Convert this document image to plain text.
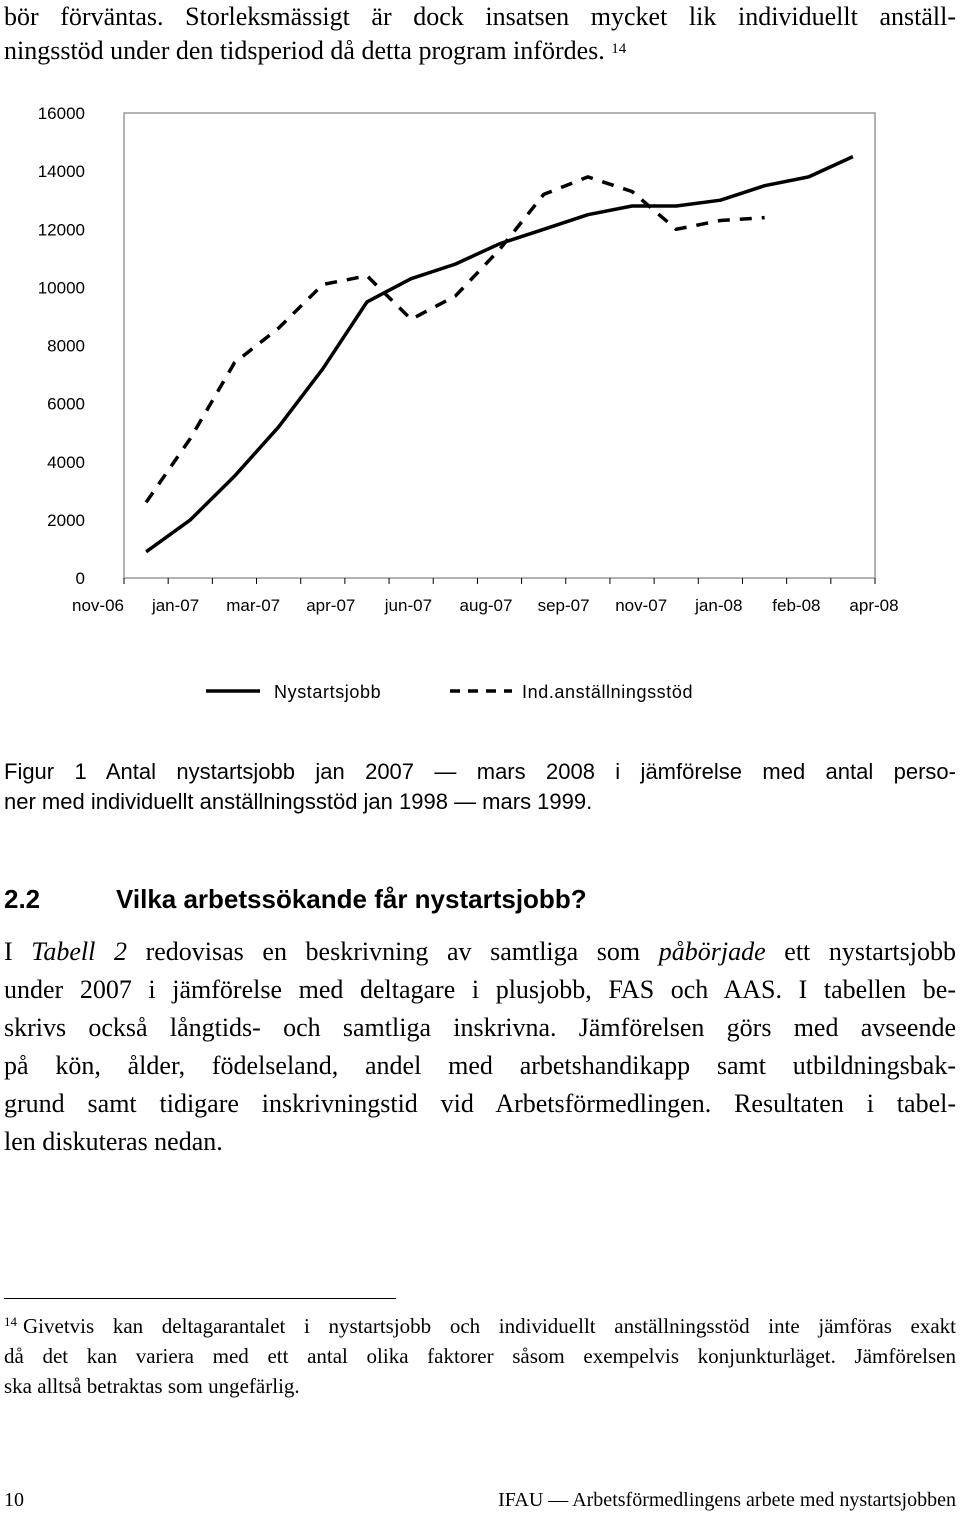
bör förväntas. Storleksmässigt är dock insatsen mycket lik individuellt anställ-
ningsstöd under den tidsperiod då detta program infördes. $^{14}$
0
2000
4000
6000
8000
10000
12000
14000
16000
nov-06 jan-07 mar-07 apr-07 jun-07 aug-07 sep-07 nov-07 jan-08 feb-08 apr-08
Nystartsjobb	Ind.anställningsstöd
Figur 1 Antal nystartsjobb jan 2007 — mars 2008 i jämförelse med antal perso-
ner med individuellt anställningsstöd jan 1998 — mars 1999.
2.2	Vilka arbetssökande får nystartsjobb?
I Tabell 2 redovisas en beskrivning av samtliga som påbörjade ett nystartsjobb
under 2007 i jämförelse med deltagare i plusjobb, FAS och AAS. I tabellen be-
skrivs också långtids- och samtliga inskrivna. Jämförelsen görs med avseende
på kön, ålder, födelseland, andel med arbetshandikapp samt utbildningsbak-
grund samt tidigare inskrivningstid vid Arbetsförmedlingen. Resultaten i tabel-
len diskuteras nedan.
$^{14}$ Givetvis kan deltagarantalet i nystartsjobb och individuellt anställningsstöd inte jämföras exakt
då det kan variera med ett antal olika faktorer såsom exempelvis konjunkturläget. Jämförelsen
ska alltså betraktas som ungefärlig.
10	IFAU — Arbetsförmedlingens arbete med nystartsjobben
